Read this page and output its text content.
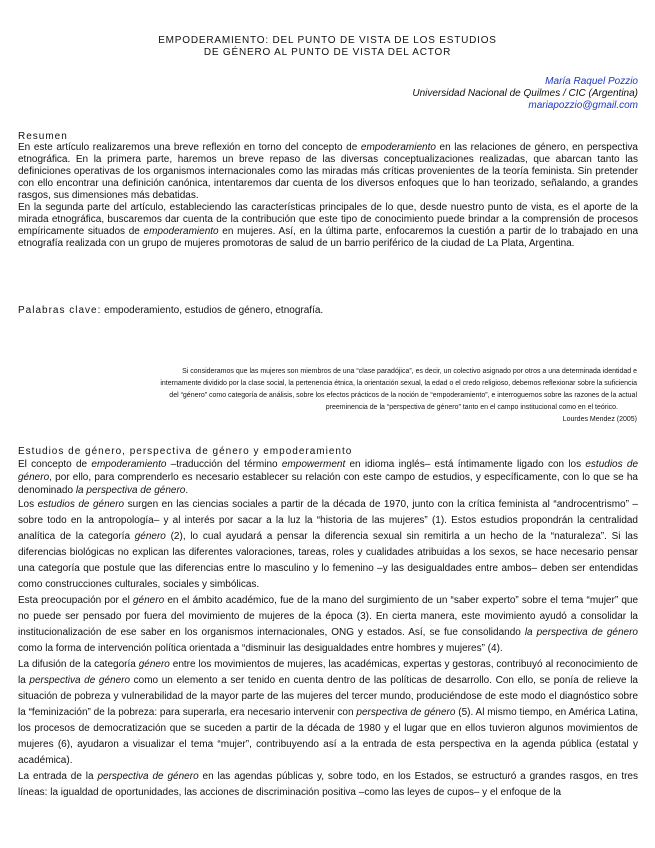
EMPODERAMIENTO: DEL PUNTO DE VISTA DE LOS ESTUDIOS
DE GÉNERO AL PUNTO DE VISTA DEL ACTOR
María Raquel Pozzio
Universidad Nacional de Quilmes / CIC (Argentina)
mariapozzio@gmail.com
Resumen

En este artículo realizaremos una breve reflexión en torno del concepto de empoderamiento en las relaciones de género, en perspectiva etnográfica. En la primera parte, haremos un breve repaso de las diversas conceptualizaciones realizadas, que abarcan tanto las definiciones operativas de los organismos internacionales como las miradas más críticas provenientes de la teoría feminista. Sin pretender con ello encontrar una definición canónica, intentaremos dar cuenta de los diversos enfoques que lo han teorizado, señalando, a grandes rasgos, sus dimensiones más debatidas.

En la segunda parte del artículo, estableciendo las características principales de lo que, desde nuestro punto de vista, es el aporte de la mirada etnográfica, buscaremos dar cuenta de la contribución que este tipo de conocimiento puede brindar a la comprensión de procesos empíricamente situados de empoderamiento en mujeres. Así, en la última parte, enfocaremos la cuestión a partir de lo trabajado en una etnografía realizada con un grupo de mujeres promotoras de salud de un barrio periférico de la ciudad de La Plata, Argentina.

Palabras clave: empoderamiento, estudios de género, etnografía.

Si consideramos que las mujeres son miembros de una “clase paradójica”, es decir, un colectivo asignado por otros a una determinada identidad e
internamente dividido por la clase social, la pertenencia étnica, la orientación sexual, la edad o el credo religioso, debemos reflexionar sobre la suficiencia
del “género” como categoría de análisis, sobre los efectos prácticos de la noción de “empoderamiento”, e interroguemos sobre las razones de la actual
preeminencia de la “perspectiva de género” tanto en el campo institucional como en el teórico.
Lourdes Mendez (2005)
Estudios de género, perspectiva de género y empoderamiento

El concepto de empoderamiento –traducción del término empowerment en idioma inglés– está íntimamente ligado con los estudios de género, por ello, para comprenderlo es necesario establecer su relación con este campo de estudios, y específicamente, con lo que se ha denominado la perspectiva de género.

Los estudios de género surgen en las ciencias sociales a partir de la década de 1970, junto con la crítica feminista al “androcentrismo” –sobre todo en la antropología– y al interés por sacar a la luz la “historia de las mujeres” (1). Estos estudios propondrán la centralidad analítica de la categoría género (2), lo cual ayudará a pensar la diferencia sexual sin remitirla a un hecho de la “naturaleza”. Si las diferencias biológicas no explican las diferentes valoraciones, tareas, roles y cualidades atribuidas a los sexos, se hace necesario pensar una categoría que postule que las diferencias entre lo masculino y lo femenino –y las desigualdades entre ambos– deben ser entendidas como construcciones culturales, sociales y simbólicas.

Esta preocupación por el género en el ámbito académico, fue de la mano del surgimiento de un “saber experto” sobre el tema “mujer” que no puede ser pensado por fuera del movimiento de mujeres de la época (3). En cierta manera, este movimiento ayudó a consolidar la institucionalización de ese saber en los organismos internacionales, ONG y estados. Así, se fue consolidando la perspectiva de género como la forma de intervención política orientada a “disminuir las desigualdades entre hombres y mujeres” (4).

La difusión de la categoría género entre los movimientos de mujeres, las académicas, expertas y gestoras, contribuyó al reconocimiento de la perspectiva de género como un elemento a ser tenido en cuenta dentro de las políticas de desarrollo. Con ello, se ponía de relieve la situación de pobreza y vulnerabilidad de la mayor parte de las mujeres del tercer mundo, produciéndose de este modo el diagnóstico sobre la “feminización” de la pobreza: para superarla, era necesario intervenir con perspectiva de género (5). Al mismo tiempo, en América Latina, los procesos de democratización que se suceden a partir de la década de 1980 y el lugar que en ellos tuvieron algunos movimientos de mujeres (6), ayudaron a visualizar el tema “mujer”, contribuyendo así a la entrada de esta perspectiva en la agenda pública (estatal y académica).

La entrada de la perspectiva de género en las agendas públicas y, sobre todo, en los Estados, se estructuró a grandes rasgos, en tres líneas: la igualdad de oportunidades, las acciones de discriminación positiva –como las leyes de cupos– y el enfoque de la
